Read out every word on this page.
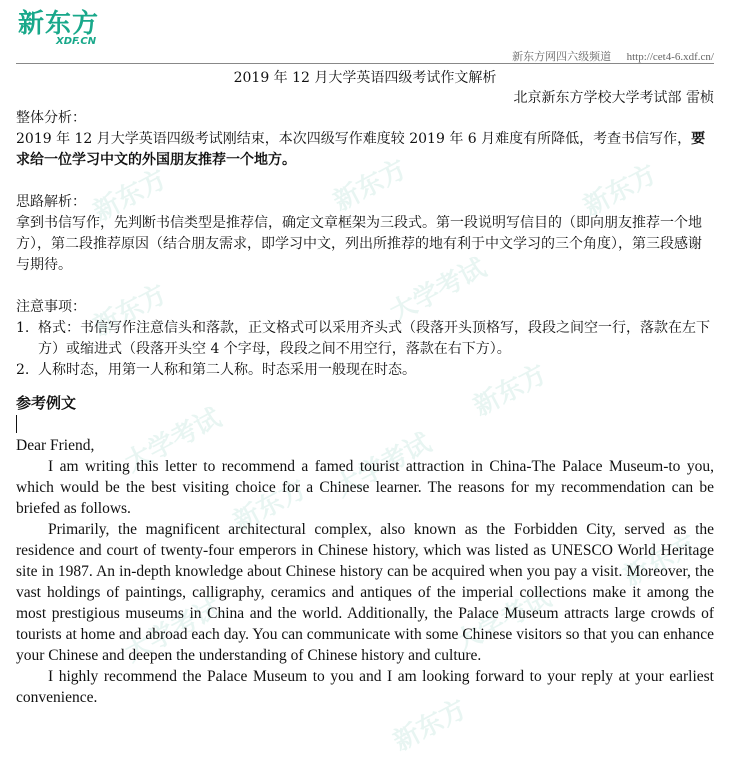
新东方	新东方	新东方
大学考试
新东方
新东方
大学考试	大学考试
新东方
新东方
大学考试	大学考试
新东方
新东方
XDF.CN
新东方网四六级频道 http://cet4-6.xdf.cn/
2019 年 12 月大学英语四级考试作文解析
北京新东方学校大学考试部 雷桢

整体分析：

2019 年 12 月大学英语四级考试刚结束，本次四级写作难度较 2019 年 6 月难度有所降低，考查书信写作，要求给一位学习中文的外国朋友推荐一个地方。

思路解析：

拿到书信写作，先判断书信类型是推荐信，确定文章框架为三段式。第一段说明写信目的（即向朋友推荐一个地方），第二段推荐原因（结合朋友需求，即学习中文，列出所推荐的地有利于中文学习的三个角度），第三段感谢与期待。

注意事项：

1. 格式：书信写作注意信头和落款，正文格式可以采用齐头式（段落开头顶格写，段段之间空一行，落款在左下方）或缩进式（段落开头空 4 个字母，段段之间不用空行，落款在右下方）。
2. 人称时态，用第一人称和第二人称。时态采用一般现在时态。

参考例文

Dear Friend,

I am writing this letter to recommend a famed tourist attraction in China-The Palace Museum-to you, which would be the best visiting choice for a Chinese learner. The reasons for my recommendation can be briefed as follows.

Primarily, the magnificent architectural complex, also known as the Forbidden City, served as the residence and court of twenty-four emperors in Chinese history, which was listed as UNESCO World Heritage site in 1987. An in-depth knowledge about Chinese history can be acquired when you pay a visit. Moreover, the vast holdings of paintings, calligraphy, ceramics and antiques of the imperial collections make it among the most prestigious museums in China and the world. Additionally, the Palace Museum attracts large crowds of tourists at home and abroad each day. You can communicate with some Chinese visitors so that you can enhance your Chinese and deepen the understanding of Chinese history and culture.

I highly recommend the Palace Museum to you and I am looking forward to your reply at your earliest convenience.
